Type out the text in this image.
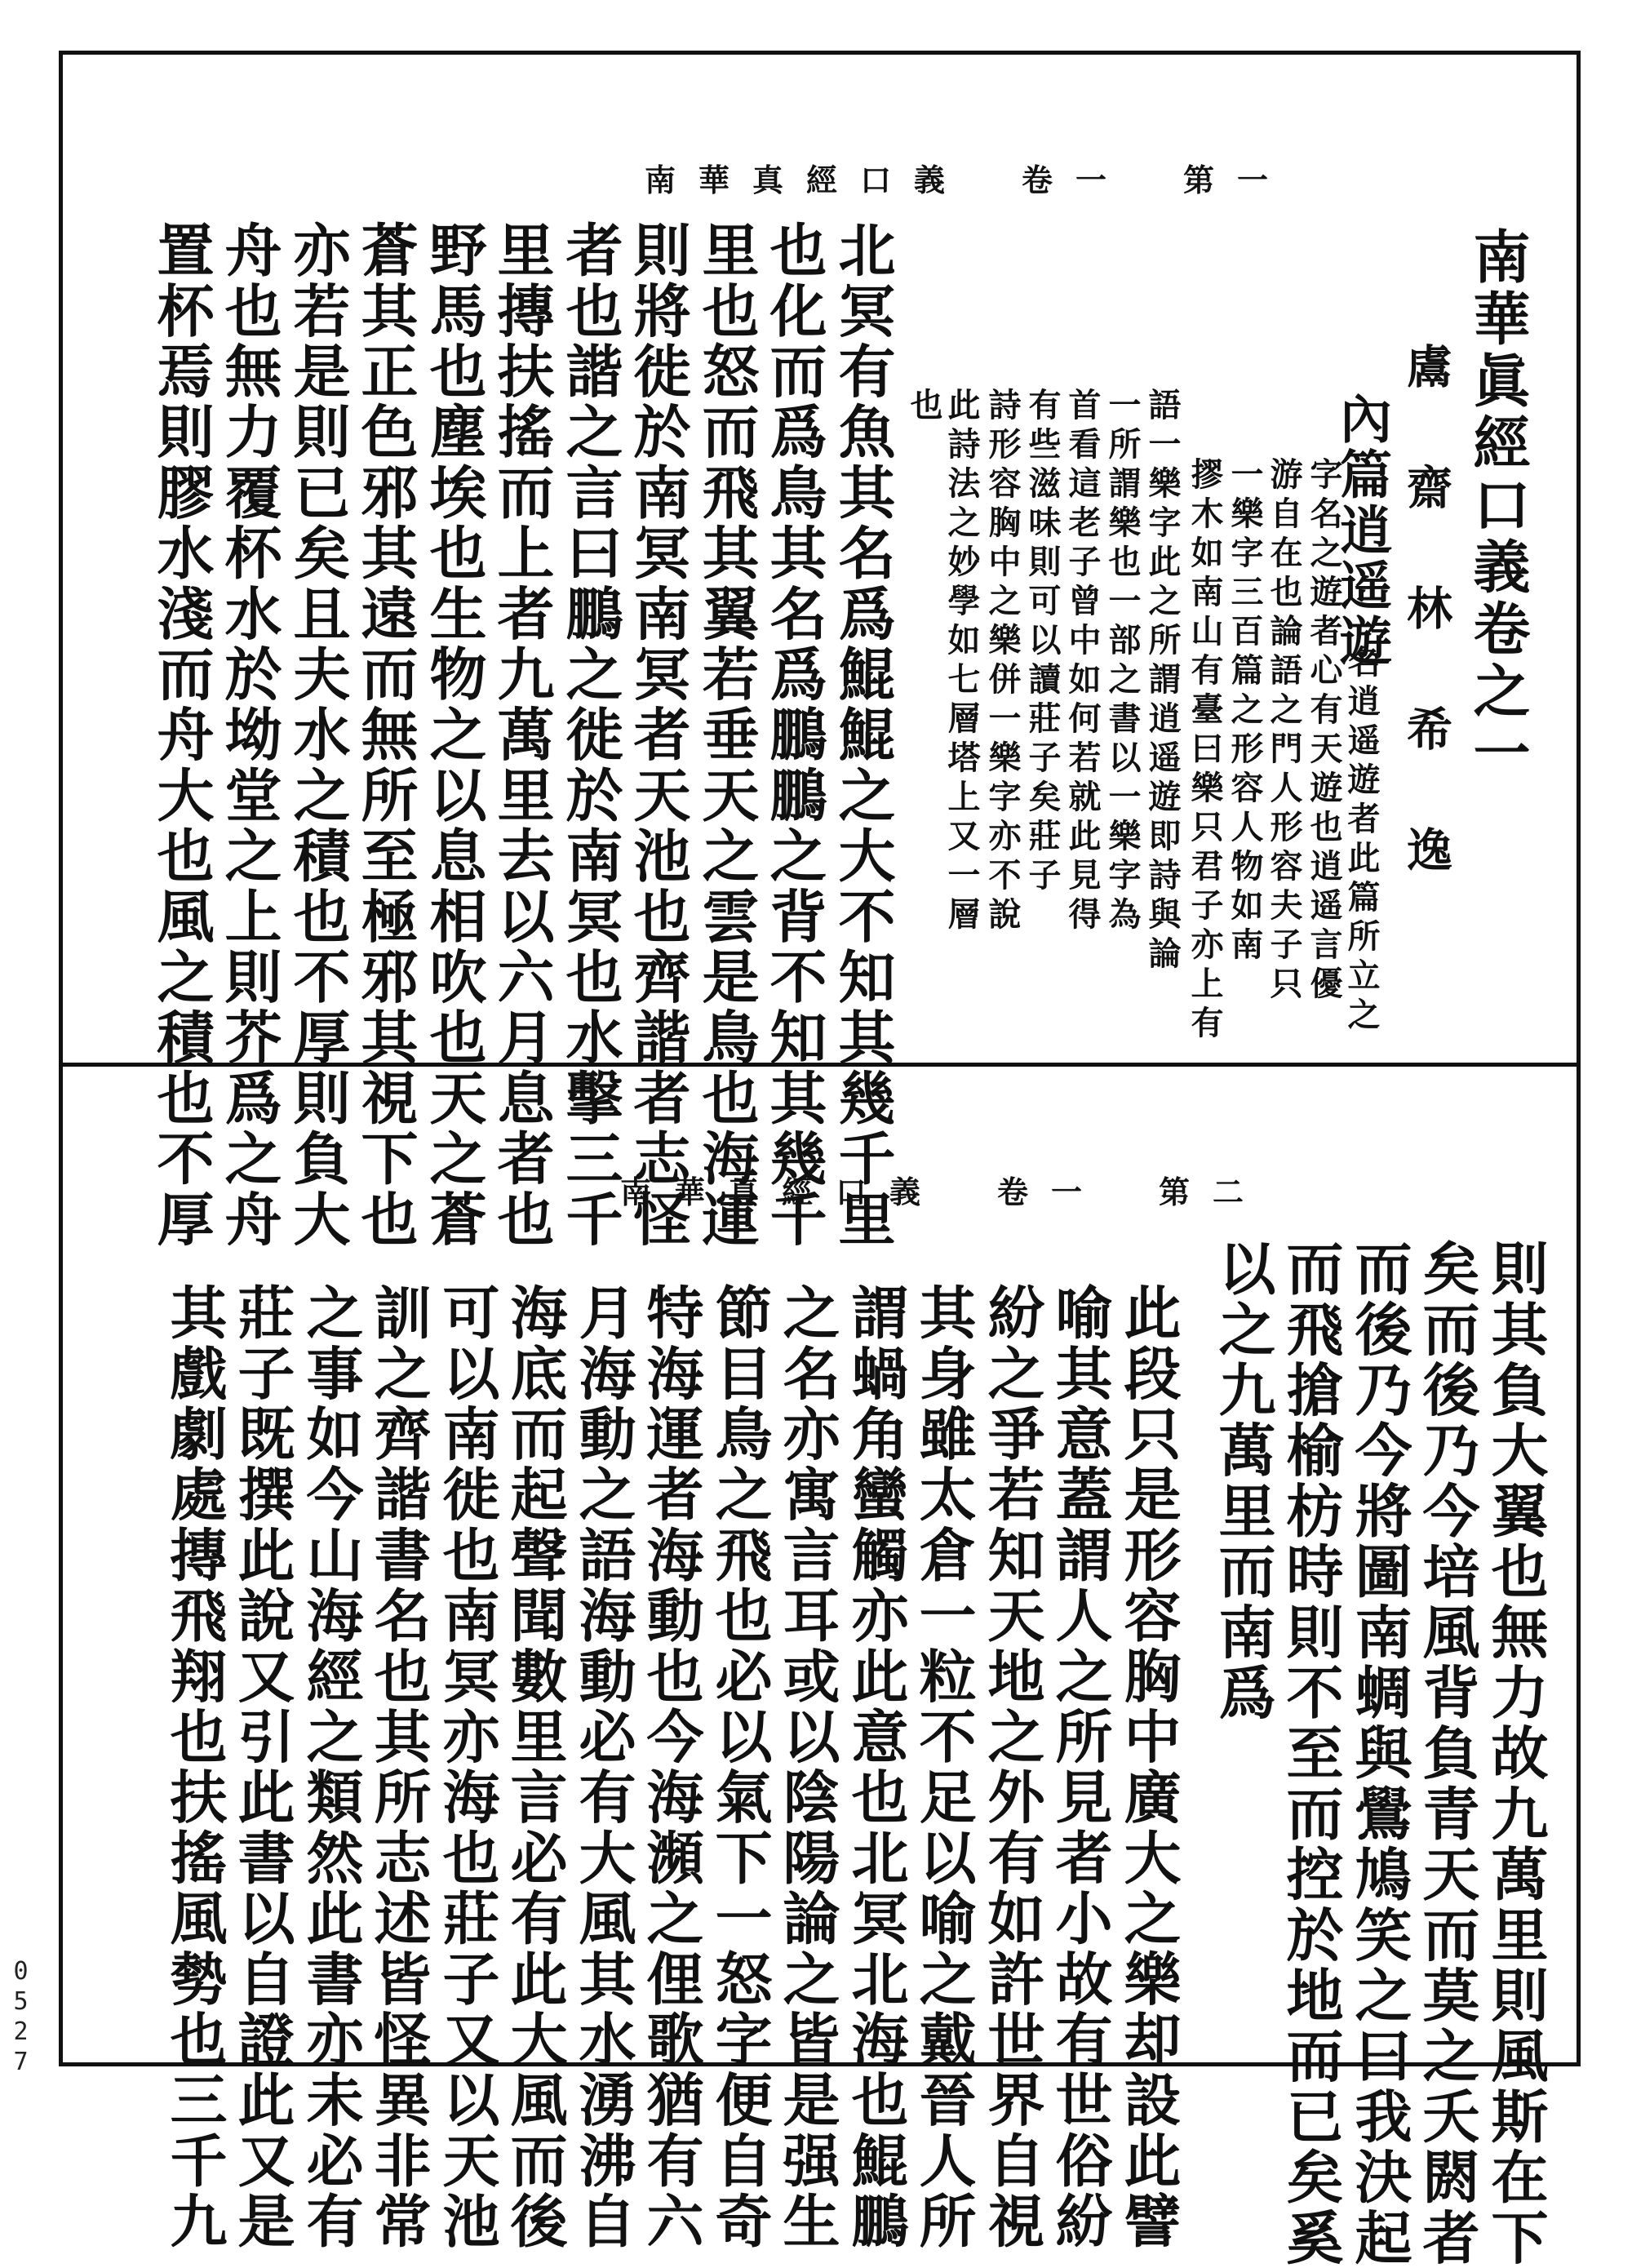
南華真經口義　卷一　第一
南華眞經口義卷之一
鬳齋林希逸
內篇逍遥遊
名逍遥遊者此篇所立之
字名之遊者心有天遊也逍遥言優
游自在也論語之門人形容夫子只
一樂字三百篇之形容人物如南
摎木如南山有臺曰樂只君子亦上有
語一樂字此之所謂逍遥遊即詩與論
一所謂樂也一部之書以一樂字為
首看這老子曾中如何若就此見得
有些滋味則可以讀莊子矣莊子
詩形容胸中之樂併一樂字亦不說
此詩法之妙學如七層塔上又一層
也
北冥有魚其名爲鯤鯤之大不知其幾千里
也化而爲鳥其名爲鵬鵬之背不知其幾千
里也怒而飛其翼若垂天之雲是鳥也海運
則將徙於南冥南冥者天池也齊諧者志怪
者也諧之言曰鵬之徙於南冥也水擊三千
里摶扶搖而上者九萬里去以六月息者也
野馬也塵埃也生物之以息相吹也天之蒼
蒼其正色邪其遠而無所至極邪其視下也
亦若是則已矣且夫水之積也不厚則負大
舟也無力覆杯水於坳堂之上則芥爲之舟
置杯焉則膠水淺而舟大也風之積也不厚	南華真經口義　卷一　第二
則其負大翼也無力故九萬里則風斯在下
矣而後乃今培風背負青天而莫之夭閼者
而後乃今將圖南蜩與鷽鳩笑之曰我決起
而飛搶榆枋時則不至而控於地而已矣奚
以之九萬里而南爲
此段只是形容胸中廣大之樂却設此譬
喻其意蓋謂人之所見者小故有世俗紛
紛之爭若知天地之外有如許世界自視
其身雖太倉一粒不足以喻之戴晉人所
謂蝸角蠻觸亦此意也北冥北海也鯤鵬
之名亦寓言耳或以陰陽論之皆是强生
節目鳥之飛也必以氣下一怒字便自奇
特海運者海動也今海瀕之俚歌猶有六
月海動之語海動必有大風其水湧沸自
海底而起聲聞數里言必有此大風而後
可以南徙也南冥亦海也莊子又以天池
訓之齊諧書名也其所志述皆怪異非常
之事如今山海經之類然此書亦未必有
莊子既撰此說又引此書以自證此又是
其戲劇處摶飛翔也扶搖風勢也三千九
0527
